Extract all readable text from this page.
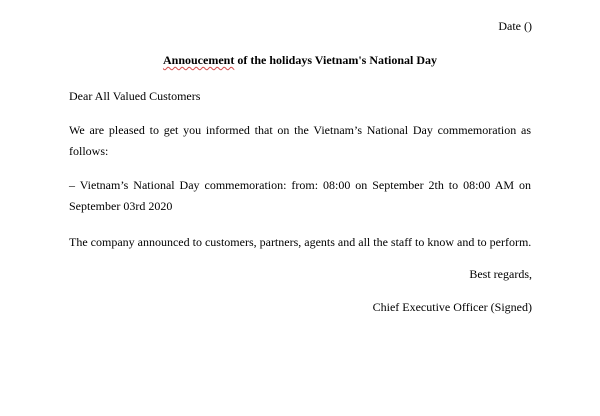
Date ()
Annoucement of the holidays Vietnam's National Day
Dear All Valued Customers
We are pleased to get you informed that on the Vietnam’s National Day commemoration as follows:
– Vietnam’s National Day commemoration: from: 08:00 on September 2th to 08:00 AM on September 03rd 2020
The company announced to customers, partners, agents and all the staff to know and to perform.
Best regards,
Chief Executive Officer (Signed)
